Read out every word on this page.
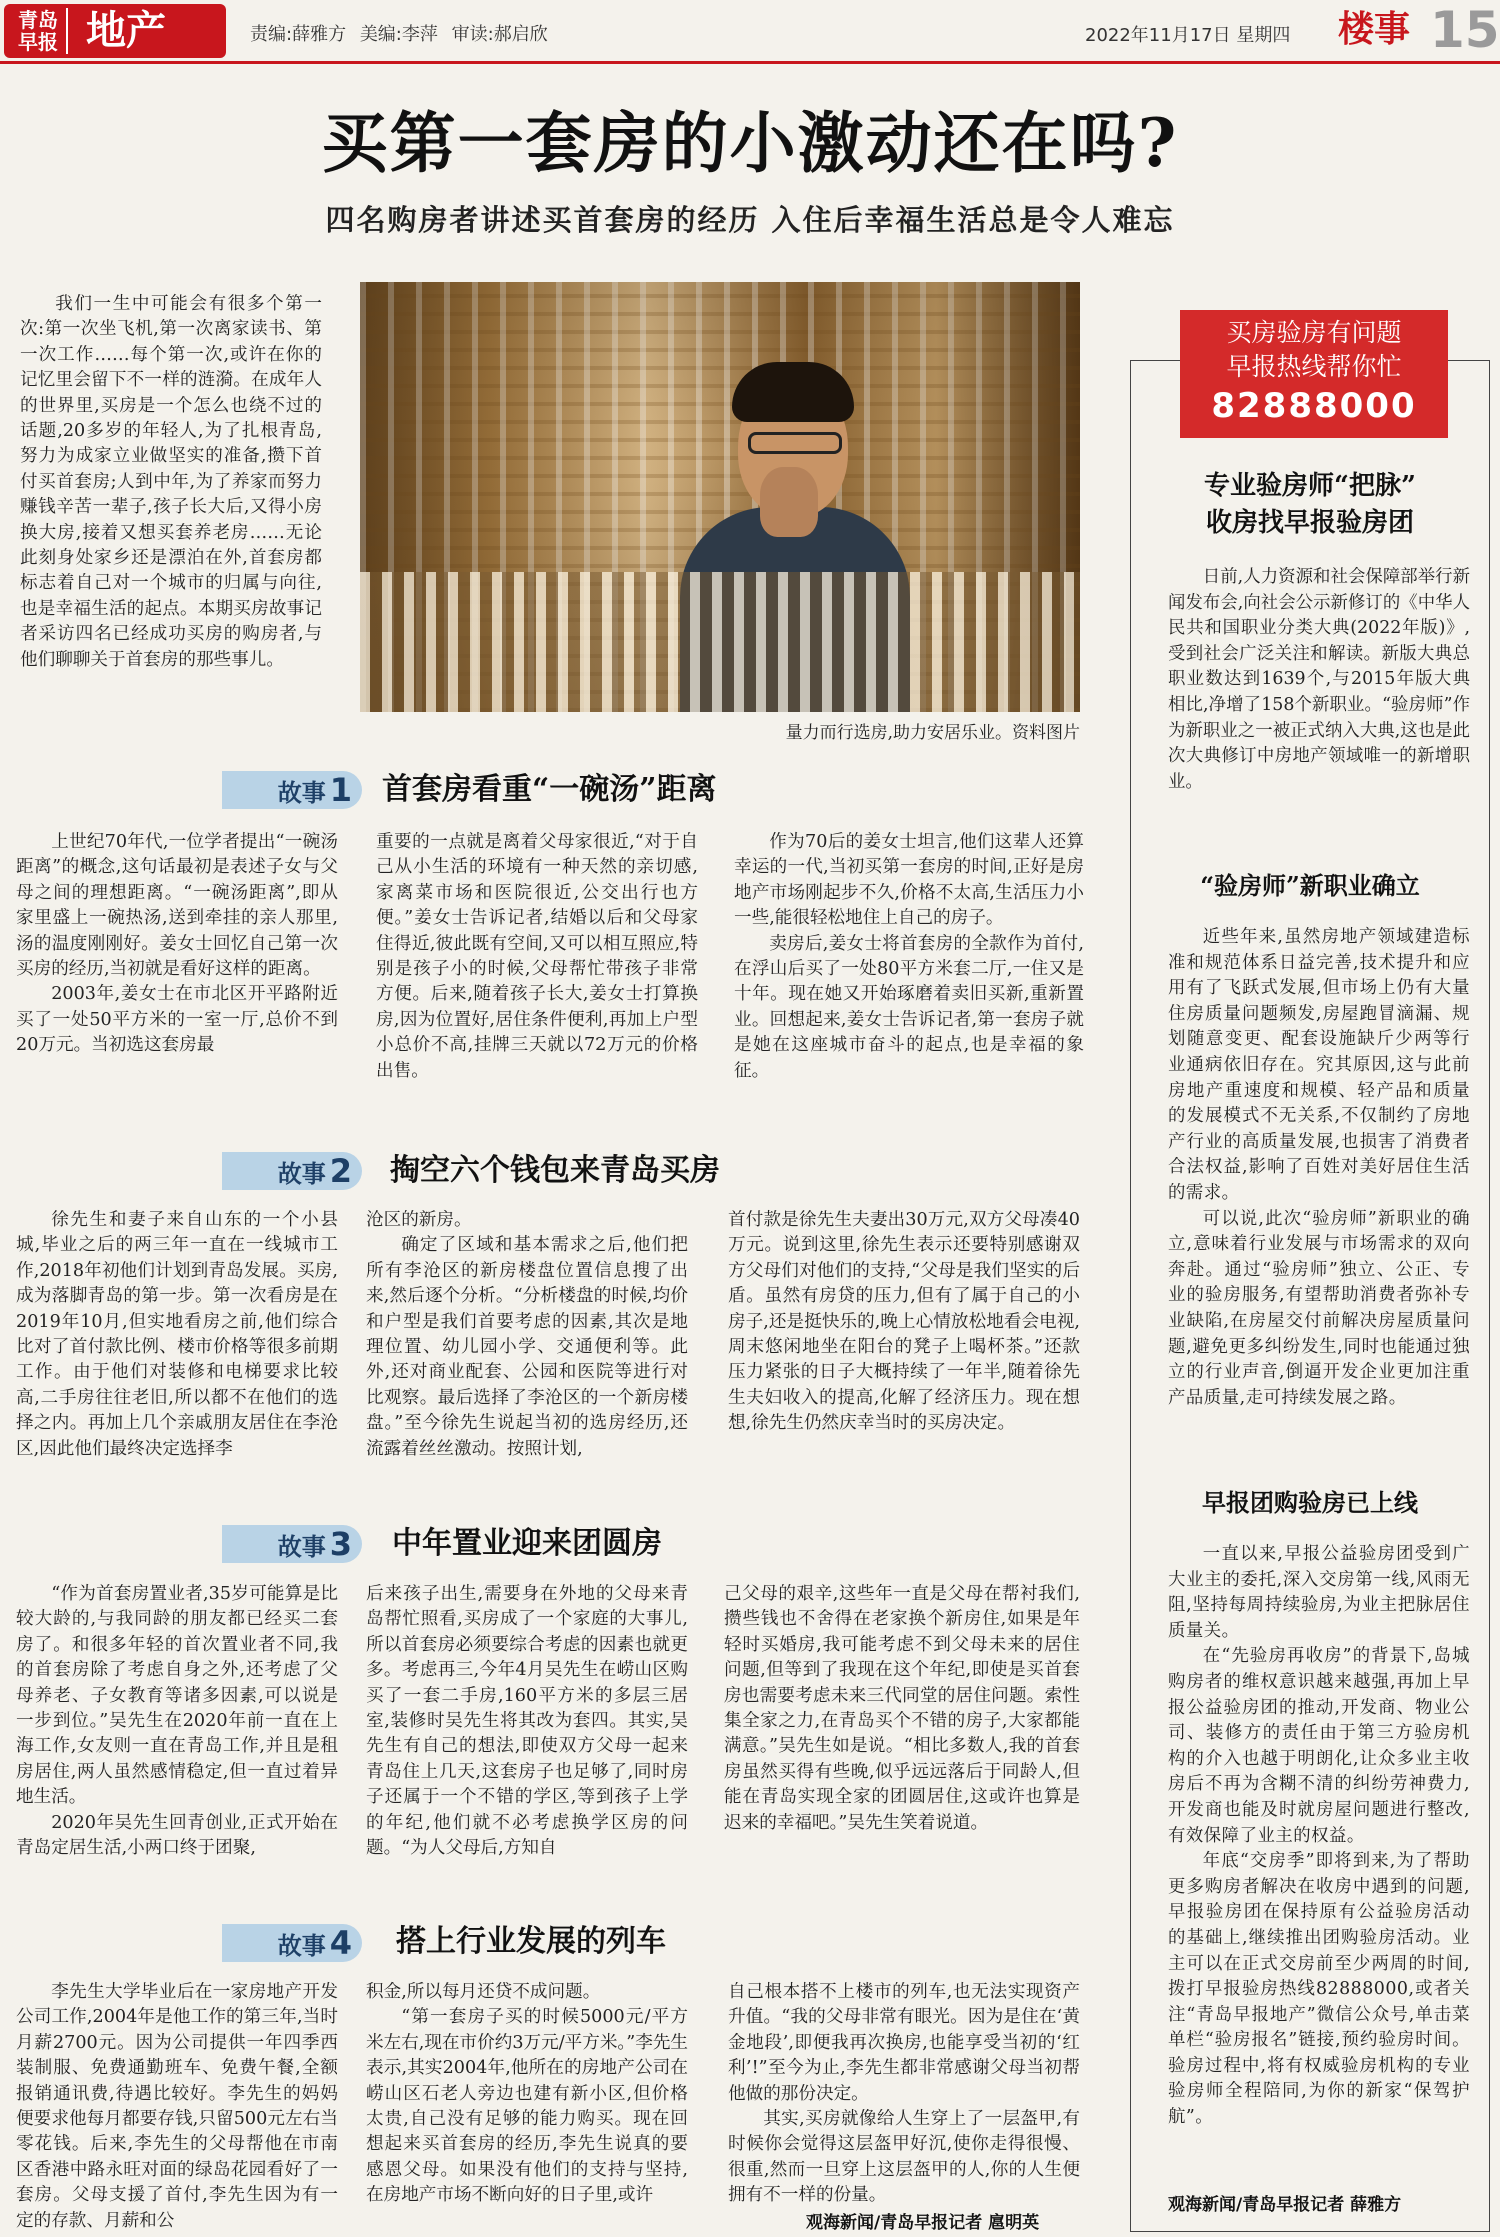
青岛
早报 地产	责编:薛雅方 美编:李萍 审读:郝启欣	2022年11月17日 星期四 楼事 15
买第一套房的小激动还在吗?
四名购房者讲述买首套房的经历 入住后幸福生活总是令人难忘

我们一生中可能会有很多个第一次:第一次坐飞机,第一次离家读书、第一次工作……每个第一次,或许在你的记忆里会留下不一样的涟漪。在成年人的世界里,买房是一个怎么也绕不过的话题,20多岁的年轻人,为了扎根青岛,努力为成家立业做坚实的准备,攒下首付买首套房;人到中年,为了养家而努力赚钱辛苦一辈子,孩子长大后,又得小房换大房,接着又想买套养老房……无论此刻身处家乡还是漂泊在外,首套房都标志着自己对一个城市的归属与向往,也是幸福生活的起点。本期买房故事记者采访四名已经成功买房的购房者,与他们聊聊关于首套房的那些事儿。

量力而行选房,助力安居乐业。资料图片
故事 1	首套房看重“一碗汤”距离

上世纪70年代,一位学者提出“一碗汤距离”的概念,这句话最初是表述子女与父母之间的理想距离。“一碗汤距离”,即从家里盛上一碗热汤,送到牵挂的亲人那里,汤的温度刚刚好。姜女士回忆自己第一次买房的经历,当初就是看好这样的距离。

2003年,姜女士在市北区开平路附近买了一处50平方米的一室一厅,总价不到20万元。当初选这套房最

重要的一点就是离着父母家很近,“对于自己从小生活的环境有一种天然的亲切感,家离菜市场和医院很近,公交出行也方便。”姜女士告诉记者,结婚以后和父母家住得近,彼此既有空间,又可以相互照应,特别是孩子小的时候,父母帮忙带孩子非常方便。后来,随着孩子长大,姜女士打算换房,因为位置好,居住条件便利,再加上户型小总价不高,挂牌三天就以72万元的价格出售。

作为70后的姜女士坦言,他们这辈人还算幸运的一代,当初买第一套房的时间,正好是房地产市场刚起步不久,价格不太高,生活压力小一些,能很轻松地住上自己的房子。

卖房后,姜女士将首套房的全款作为首付,在浮山后买了一处80平方米套二厅,一住又是十年。现在她又开始琢磨着卖旧买新,重新置业。回想起来,姜女士告诉记者,第一套房子就是她在这座城市奋斗的起点,也是幸福的象征。

故事 2	掏空六个钱包来青岛买房

徐先生和妻子来自山东的一个小县城,毕业之后的两三年一直在一线城市工作,2018年初他们计划到青岛发展。买房,成为落脚青岛的第一步。第一次看房是在2019年10月,但实地看房之前,他们综合比对了首付款比例、楼市价格等很多前期工作。由于他们对装修和电梯要求比较高,二手房往往老旧,所以都不在他们的选择之内。再加上几个亲戚朋友居住在李沧区,因此他们最终决定选择李

沧区的新房。

确定了区域和基本需求之后,他们把所有李沧区的新房楼盘位置信息搜了出来,然后逐个分析。“分析楼盘的时候,均价和户型是我们首要考虑的因素,其次是地理位置、幼儿园小学、交通便利等。此外,还对商业配套、公园和医院等进行对比观察。最后选择了李沧区的一个新房楼盘。”至今徐先生说起当初的选房经历,还流露着丝丝激动。按照计划,

首付款是徐先生夫妻出30万元,双方父母凑40万元。说到这里,徐先生表示还要特别感谢双方父母们对他们的支持,“父母是我们坚实的后盾。虽然有房贷的压力,但有了属于自己的小房子,还是挺快乐的,晚上心情放松地看会电视,周末悠闲地坐在阳台的凳子上喝杯茶。”还款压力紧张的日子大概持续了一年半,随着徐先生夫妇收入的提高,化解了经济压力。现在想想,徐先生仍然庆幸当时的买房决定。

故事 3	中年置业迎来团圆房

“作为首套房置业者,35岁可能算是比较大龄的,与我同龄的朋友都已经买二套房了。和很多年轻的首次置业者不同,我的首套房除了考虑自身之外,还考虑了父母养老、子女教育等诸多因素,可以说是一步到位。”吴先生在2020年前一直在上海工作,女友则一直在青岛工作,并且是租房居住,两人虽然感情稳定,但一直过着异地生活。

2020年吴先生回青创业,正式开始在青岛定居生活,小两口终于团聚,

后来孩子出生,需要身在外地的父母来青岛帮忙照看,买房成了一个家庭的大事儿,所以首套房必须要综合考虑的因素也就更多。考虑再三,今年4月吴先生在崂山区购买了一套二手房,160平方米的多层三居室,装修时吴先生将其改为套四。其实,吴先生有自己的想法,即使双方父母一起来青岛住上几天,这套房子也足够了,同时房子还属于一个不错的学区,等到孩子上学的年纪,他们就不必考虑换学区房的问题。“为人父母后,方知自

己父母的艰辛,这些年一直是父母在帮衬我们,攒些钱也不舍得在老家换个新房住,如果是年轻时买婚房,我可能考虑不到父母未来的居住问题,但等到了我现在这个年纪,即使是买首套房也需要考虑未来三代同堂的居住问题。索性集全家之力,在青岛买个不错的房子,大家都能满意。”吴先生如是说。“相比多数人,我的首套房虽然买得有些晚,似乎远远落后于同龄人,但能在青岛实现全家的团圆居住,这或许也算是迟来的幸福吧。”吴先生笑着说道。

故事 4	搭上行业发展的列车

李先生大学毕业后在一家房地产开发公司工作,2004年是他工作的第三年,当时月薪2700元。因为公司提供一年四季西装制服、免费通勤班车、免费午餐,全额报销通讯费,待遇比较好。李先生的妈妈便要求他每月都要存钱,只留500元左右当零花钱。后来,李先生的父母帮他在市南区香港中路永旺对面的绿岛花园看好了一套房。父母支援了首付,李先生因为有一定的存款、月薪和公

积金,所以每月还贷不成问题。

“第一套房子买的时候5000元/平方米左右,现在市价约3万元/平方米。”李先生表示,其实2004年,他所在的房地产公司在崂山区石老人旁边也建有新小区,但价格太贵,自己没有足够的能力购买。现在回想起来买首套房的经历,李先生说真的要感恩父母。如果没有他们的支持与坚持,在房地产市场不断向好的日子里,或许

自己根本搭不上楼市的列车,也无法实现资产升值。“我的父母非常有眼光。因为是住在‘黄金地段’,即便我再次换房,也能享受当初的‘红利’!”至今为止,李先生都非常感谢父母当初帮他做的那份决定。

其实,买房就像给人生穿上了一层盔甲,有时候你会觉得这层盔甲好沉,使你走得很慢、很重,然而一旦穿上这层盔甲的人,你的人生便拥有不一样的份量。

观海新闻/青岛早报记者 扈明英
买房验房有问题
早报热线帮你忙
82888000
专业验房师“把脉”
收房找早报验房团

日前,人力资源和社会保障部举行新闻发布会,向社会公示新修订的《中华人民共和国职业分类大典(2022年版)》,受到社会广泛关注和解读。新版大典总职业数达到1639个,与2015年版大典相比,净增了158个新职业。“验房师”作为新职业之一被正式纳入大典,这也是此次大典修订中房地产领域唯一的新增职业。

“验房师”新职业确立

近些年来,虽然房地产领域建造标准和规范体系日益完善,技术提升和应用有了飞跃式发展,但市场上仍有大量住房质量问题频发,房屋跑冒滴漏、规划随意变更、配套设施缺斤少两等行业通病依旧存在。究其原因,这与此前房地产重速度和规模、轻产品和质量的发展模式不无关系,不仅制约了房地产行业的高质量发展,也损害了消费者合法权益,影响了百姓对美好居住生活的需求。

可以说,此次“验房师”新职业的确立,意味着行业发展与市场需求的双向奔赴。通过“验房师”独立、公正、专业的验房服务,有望帮助消费者弥补专业缺陷,在房屋交付前解决房屋质量问题,避免更多纠纷发生,同时也能通过独立的行业声音,倒逼开发企业更加注重产品质量,走可持续发展之路。

早报团购验房已上线

一直以来,早报公益验房团受到广大业主的委托,深入交房第一线,风雨无阻,坚持每周持续验房,为业主把脉居住质量关。

在“先验房再收房”的背景下,岛城购房者的维权意识越来越强,再加上早报公益验房团的推动,开发商、物业公司、装修方的责任由于第三方验房机构的介入也越于明朗化,让众多业主收房后不再为含糊不清的纠纷劳神费力,开发商也能及时就房屋问题进行整改,有效保障了业主的权益。

年底“交房季”即将到来,为了帮助更多购房者解决在收房中遇到的问题,早报验房团在保持原有公益验房活动的基础上,继续推出团购验房活动。业主可以在正式交房前至少两周的时间,拨打早报验房热线82888000,或者关注“青岛早报地产”微信公众号,单击菜单栏“验房报名”链接,预约验房时间。验房过程中,将有权威验房机构的专业验房师全程陪同,为你的新家“保驾护航”。

观海新闻/青岛早报记者 薛雅方
